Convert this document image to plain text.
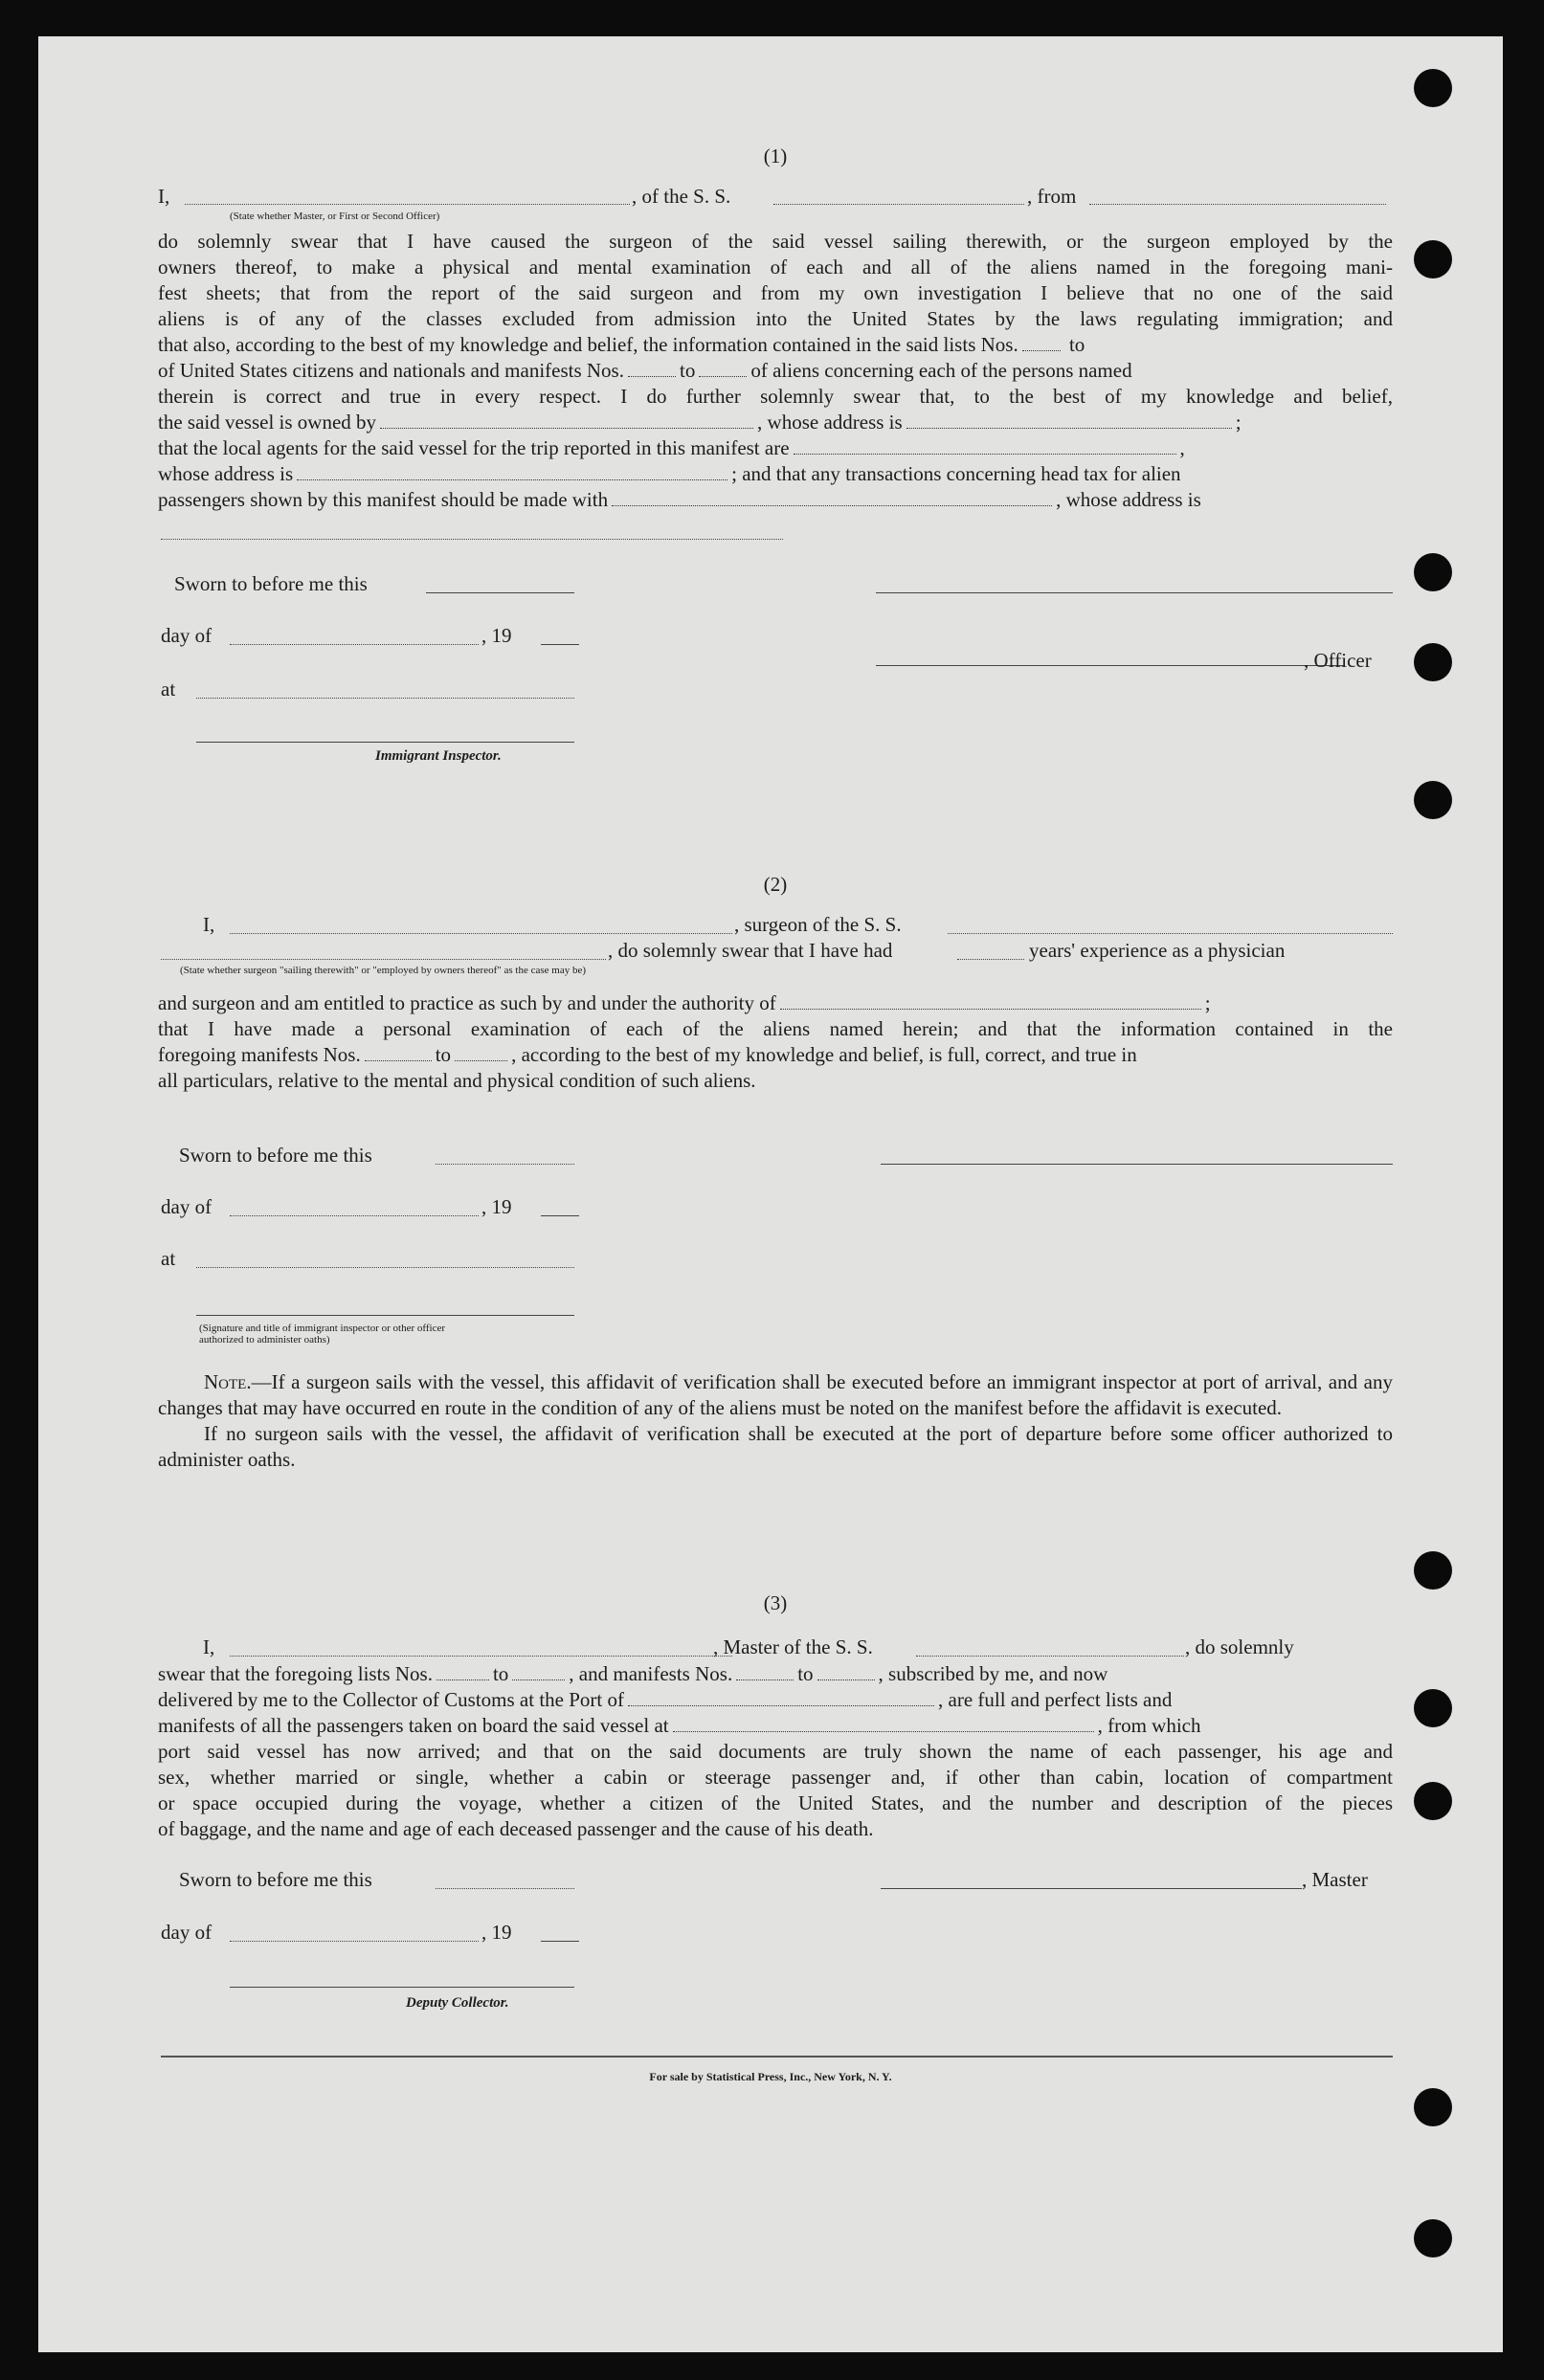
(1)
I,
(State whether Master, or First or Second Officer)
, of the S. S.	, from

do solemnly swear that I have caused the surgeon of the said vessel sailing therewith, or the surgeon employed by the

owners thereof, to make a physical and mental examination of each and all of the aliens named in the foregoing mani-

fest sheets; that from the report of the said surgeon and from my own investigation I believe that no one of the said

aliens is of any of the classes excluded from admission into the United States by the laws regulating immigration; and

that also, according to the best of my knowledge and belief, the information contained in the said lists Nos.	to

of United States citizens and nationals and manifests Nos.	to	of aliens concerning each of the persons named

therein is correct and true in every respect. I do further solemnly swear that, to the best of my knowledge and belief,

the said vessel is owned by	, whose address is	;

that the local agents for the said vessel for the trip reported in this manifest are	,

whose address is	; and that any transactions concerning head tax for alien

passengers shown by this manifest should be made with	, whose address is

Sworn to before me this
day of	, 19
, Officer
at
Immigrant Inspector.
(2)
I,	, surgeon of the S. S.
(State whether surgeon "sailing therewith" or "employed by owners thereof" as the case may be)
, do solemnly swear that I have had	years' experience as a physician

and surgeon and am entitled to practice as such by and under the authority of	;

that I have made a personal examination of each of the aliens named herein; and that the information contained in the

foregoing manifests Nos.	to	, according to the best of my knowledge and belief, is full, correct, and true in

all particulars, relative to the mental and physical condition of such aliens.

Sworn to before me this
day of	, 19
at
(Signature and title of immigrant inspector or other officer authorized to administer oaths)

Note.—If a surgeon sails with the vessel, this affidavit of verification shall be executed before an immigrant inspector at port of arrival, and any changes that may have occurred en route in the condition of any of the aliens must be noted on the manifest before the affidavit is executed.

If no surgeon sails with the vessel, the affidavit of verification shall be executed at the port of departure before some officer authorized to administer oaths.

(3)
I,	, Master of the S. S.	, do solemnly

swear that the foregoing lists Nos.	to	, and manifests Nos.	to	, subscribed by me, and now

delivered by me to the Collector of Customs at the Port of	, are full and perfect lists and

manifests of all the passengers taken on board the said vessel at	, from which

port said vessel has now arrived; and that on the said documents are truly shown the name of each passenger, his age and

sex, whether married or single, whether a cabin or steerage passenger and, if other than cabin, location of compartment

or space occupied during the voyage, whether a citizen of the United States, and the number and description of the pieces

of baggage, and the name and age of each deceased passenger and the cause of his death.

Sworn to before me this	, Master
day of	, 19
Deputy Collector.
For sale by Statistical Press, Inc., New York, N. Y.
